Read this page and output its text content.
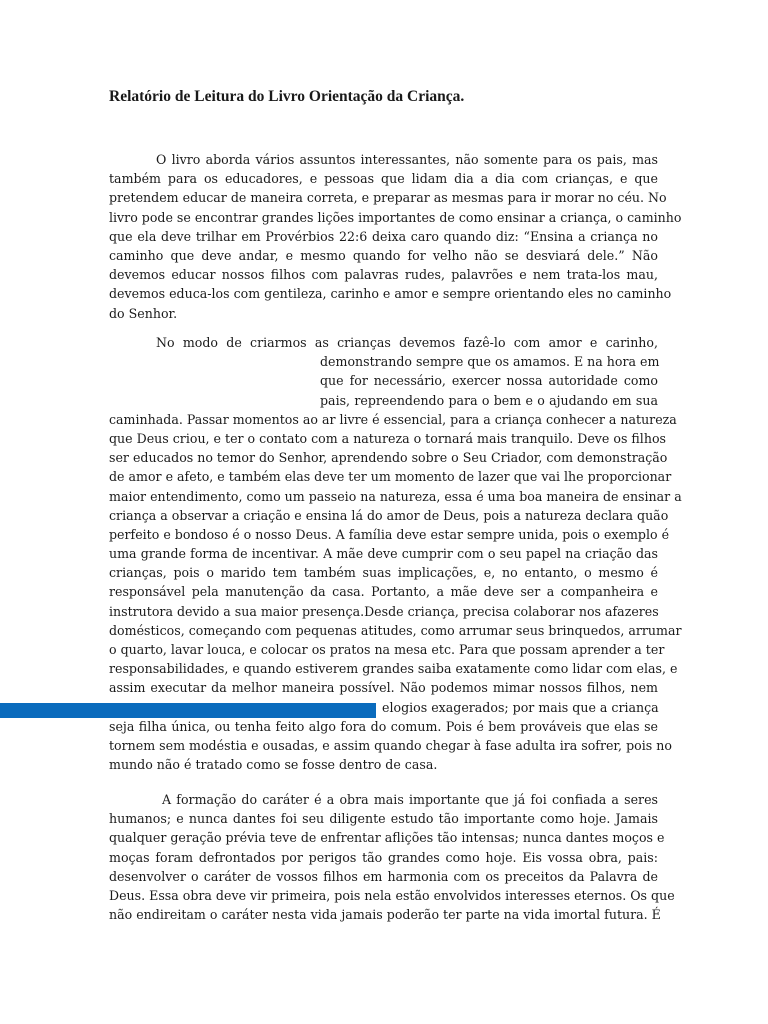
Relatório de Leitura do Livro Orientação da Criança.
O livro aborda vários assuntos interessantes, não somente para os pais, mas
também para os educadores, e pessoas que lidam dia a dia com crianças, e que
pretendem educar de maneira correta, e preparar as mesmas para ir morar no céu. No
livro pode se encontrar grandes lições importantes de como ensinar a criança, o caminho
que ela deve trilhar em Provérbios 22:6 deixa caro quando diz: “Ensina a criança no
caminho que deve andar, e mesmo quando for velho não se desviará dele.” Não
devemos educar nossos filhos com palavras rudes, palavrões e nem trata-los mau,
devemos educa-los com gentileza, carinho e amor e sempre orientando eles no caminho
do Senhor.
No modo de criarmos as crianças devemos fazê-lo com amor e carinho,
demonstrando sempre que os amamos. E na hora em
que for necessário, exercer nossa autoridade como
pais, repreendendo para o bem e o ajudando em sua
caminhada. Passar momentos ao ar livre é essencial, para a criança conhecer a natureza
que Deus criou, e ter o contato com a natureza o tornará mais tranquilo. Deve os filhos
ser educados no temor do Senhor, aprendendo sobre o Seu Criador, com demonstração
de amor e afeto, e também elas deve ter um momento de lazer que vai lhe proporcionar
maior entendimento, como um passeio na natureza, essa é uma boa maneira de ensinar a
criança a observar a criação e ensina lá do amor de Deus, pois a natureza declara quão
perfeito e bondoso é o nosso Deus. A família deve estar sempre unida, pois o exemplo é
uma grande forma de incentivar. A mãe deve cumprir com o seu papel na criação das
crianças, pois o marido tem também suas implicações, e, no entanto, o mesmo é
responsável pela manutenção da casa. Portanto, a mãe deve ser a companheira e
instrutora devido a sua maior presença.Desde criança, precisa colaborar nos afazeres
domésticos, começando com pequenas atitudes, como arrumar seus brinquedos, arrumar
o quarto, lavar louca, e colocar os pratos na mesa etc. Para que possam aprender a ter
responsabilidades, e quando estiverem grandes saiba exatamente como lidar com elas, e
assim executar da melhor maneira possível. Não podemos mimar nossos filhos, nem
elogios exagerados; por mais que a criança
seja filha única, ou tenha feito algo fora do comum. Pois é bem prováveis que elas se
tornem sem modéstia e ousadas, e assim quando chegar à fase adulta ira sofrer, pois no
mundo não é tratado como se fosse dentro de casa.
A formação do caráter é a obra mais importante que já foi confiada a seres
humanos; e nunca dantes foi seu diligente estudo tão importante como hoje. Jamais
qualquer geração prévia teve de enfrentar aflições tão intensas; nunca dantes moços e
moças foram defrontados por perigos tão grandes como hoje. Eis vossa obra, pais:
desenvolver o caráter de vossos filhos em harmonia com os preceitos da Palavra de
Deus. Essa obra deve vir primeira, pois nela estão envolvidos interesses eternos. Os que
não endireitam o caráter nesta vida jamais poderão ter parte na vida imortal futura. É
